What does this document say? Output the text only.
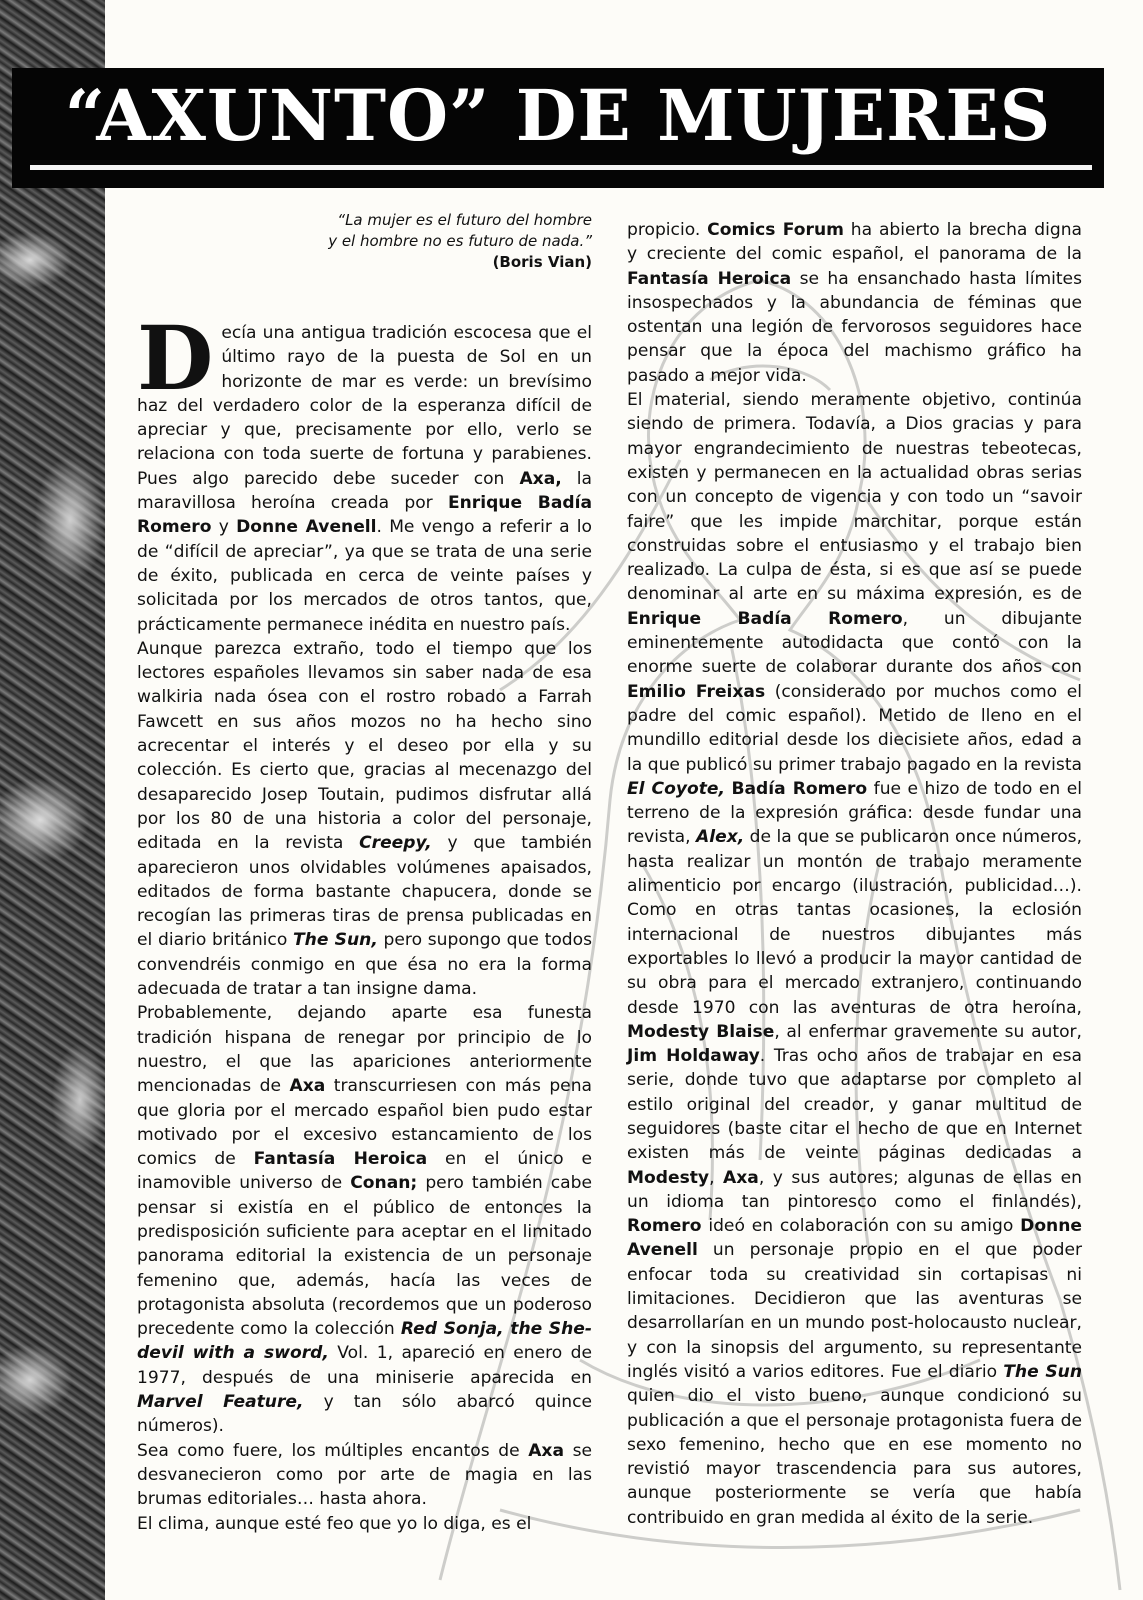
“AXUNTO” DE MUJERES

“La mujer es el futuro del hombre
y el hombre no es futuro de nada.”
(Boris Vian)

Decía una antigua tradición escocesa que el último rayo de la puesta de Sol en un horizonte de mar es verde: un brevísimo haz del verdadero color de la esperanza difícil de apreciar y que, precisamente por ello, verlo se relaciona con toda suerte de fortuna y parabienes. Pues algo parecido debe suceder con Axa, la maravillosa heroína creada por Enrique Badía Romero y Donne Avenell. Me vengo a referir a lo de “difícil de apreciar”, ya que se trata de una serie de éxito, publicada en cerca de veinte países y solicitada por los mercados de otros tantos, que, prácticamente permanece inédita en nuestro país.

Aunque parezca extraño, todo el tiempo que los lectores españoles llevamos sin saber nada de esa walkiria nada ósea con el rostro robado a Farrah Fawcett en sus años mozos no ha hecho sino acrecentar el interés y el deseo por ella y su colección. Es cierto que, gracias al mecenazgo del desaparecido Josep Toutain, pudimos disfrutar allá por los 80 de una historia a color del personaje, editada en la revista Creepy, y que también aparecieron unos olvidables volúmenes apaisados, editados de forma bastante chapucera, donde se recogían las primeras tiras de prensa publicadas en el diario británico The Sun, pero supongo que todos convendréis conmigo en que ésa no era la forma adecuada de tratar a tan insigne dama.

Probablemente, dejando aparte esa funesta tradición hispana de renegar por principio de lo nuestro, el que las apariciones anteriormente mencionadas de Axa transcurriesen con más pena que gloria por el mercado español bien pudo estar motivado por el excesivo estancamiento de los comics de Fantasía Heroica en el único e inamovible universo de Conan; pero también cabe pensar si existía en el público de entonces la predisposición suficiente para aceptar en el limitado panorama editorial la existencia de un personaje femenino que, además, hacía las veces de protagonista absoluta (recordemos que un poderoso precedente como la colección Red Sonja, the She-devil with a sword, Vol. 1, apareció en enero de 1977, después de una miniserie aparecida en Marvel Feature, y tan sólo abarcó quince números).

Sea como fuere, los múltiples encantos de Axa se desvanecieron como por arte de magia en las brumas editoriales… hasta ahora.

El clima, aunque esté feo que yo lo diga, es el

propicio. Comics Forum ha abierto la brecha digna y creciente del comic español, el panorama de la Fantasía Heroica se ha ensanchado hasta límites insospechados y la abundancia de féminas que ostentan una legión de fervorosos seguidores hace pensar que la época del machismo gráfico ha pasado a mejor vida.

El material, siendo meramente objetivo, continúa siendo de primera. Todavía, a Dios gracias y para mayor engrandecimiento de nuestras tebeotecas, existen y permanecen en la actualidad obras serias con un concepto de vigencia y con todo un “savoir faire” que les impide marchitar, porque están construidas sobre el entusiasmo y el trabajo bien realizado. La culpa de ésta, si es que así se puede denominar al arte en su máxima expresión, es de Enrique Badía Romero, un dibujante eminentemente autodidacta que contó con la enorme suerte de colaborar durante dos años con Emilio Freixas (considerado por muchos como el padre del comic español). Metido de lleno en el mundillo editorial desde los diecisiete años, edad a la que publicó su primer trabajo pagado en la revista El Coyote, Badía Romero fue e hizo de todo en el terreno de la expresión gráfica: desde fundar una revista, Alex, de la que se publicaron once números, hasta realizar un montón de trabajo meramente alimenticio por encargo (ilustración, publicidad…). Como en otras tantas ocasiones, la eclosión internacional de nuestros dibujantes más exportables lo llevó a producir la mayor cantidad de su obra para el mercado extranjero, continuando desde 1970 con las aventuras de otra heroína, Modesty Blaise, al enfermar gravemente su autor, Jim Holdaway. Tras ocho años de trabajar en esa serie, donde tuvo que adaptarse por completo al estilo original del creador, y ganar multitud de seguidores (baste citar el hecho de que en Internet existen más de veinte páginas dedicadas a Modesty, Axa, y sus autores; algunas de ellas en un idioma tan pintoresco como el finlandés), Romero ideó en colaboración con su amigo Donne Avenell un personaje propio en el que poder enfocar toda su creatividad sin cortapisas ni limitaciones. Decidieron que las aventuras se desarrollarían en un mundo post-holocausto nuclear, y con la sinopsis del argumento, su representante inglés visitó a varios editores. Fue el diario The Sun quien dio el visto bueno, aunque condicionó su publicación a que el personaje protagonista fuera de sexo femenino, hecho que en ese momento no revistió mayor trascendencia para sus autores, aunque posteriormente se vería que había contribuido en gran medida al éxito de la serie.
